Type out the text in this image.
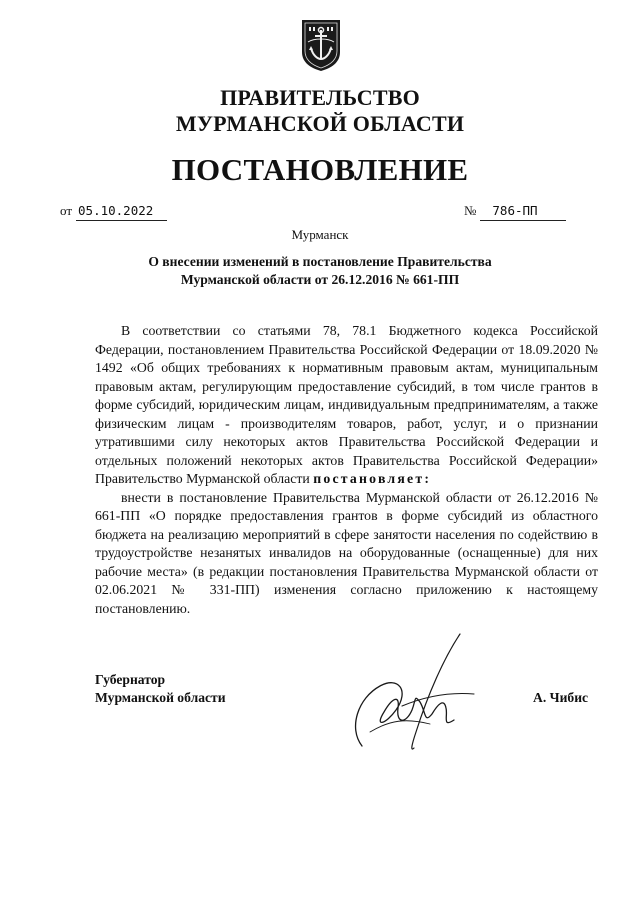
ПРАВИТЕЛЬСТВО
МУРМАНСКОЙ ОБЛАСТИ
ПОСТАНОВЛЕНИЕ
от 05.10.2022	№ 786-ПП
Мурманск
О внесении изменений в постановление Правительства
Мурманской области от 26.12.2016 № 661-ПП

В соответствии со статьями 78, 78.1 Бюджетного кодекса Российской Федерации, постановлением Правительства Российской Федерации от 18.09.2020 № 1492 «Об общих требованиях к нормативным правовым актам, муниципальным правовым актам, регулирующим предоставление субсидий, в том числе грантов в форме субсидий, юридическим лицам, индивидуальным предпринимателям, а также физическим лицам - производителям товаров, работ, услуг, и о признании утратившими силу некоторых актов Правительства Российской Федерации и отдельных положений некоторых актов Правительства Российской Федерации» Правительство Мурманской области постановляет:

внести в постановление Правительства Мурманской области от 26.12.2016 № 661-ПП «О порядке предоставления грантов в форме субсидий из областного бюджета на реализацию мероприятий в сфере занятости населения по содействию в трудоустройстве незанятых инвалидов на оборудованные (оснащенные) для них рабочие места» (в редакции постановления Правительства Мурманской области от 02.06.2021 № 331-ПП) изменения согласно приложению к настоящему постановлению.

Губернатор
Мурманской области	А. Чибис
